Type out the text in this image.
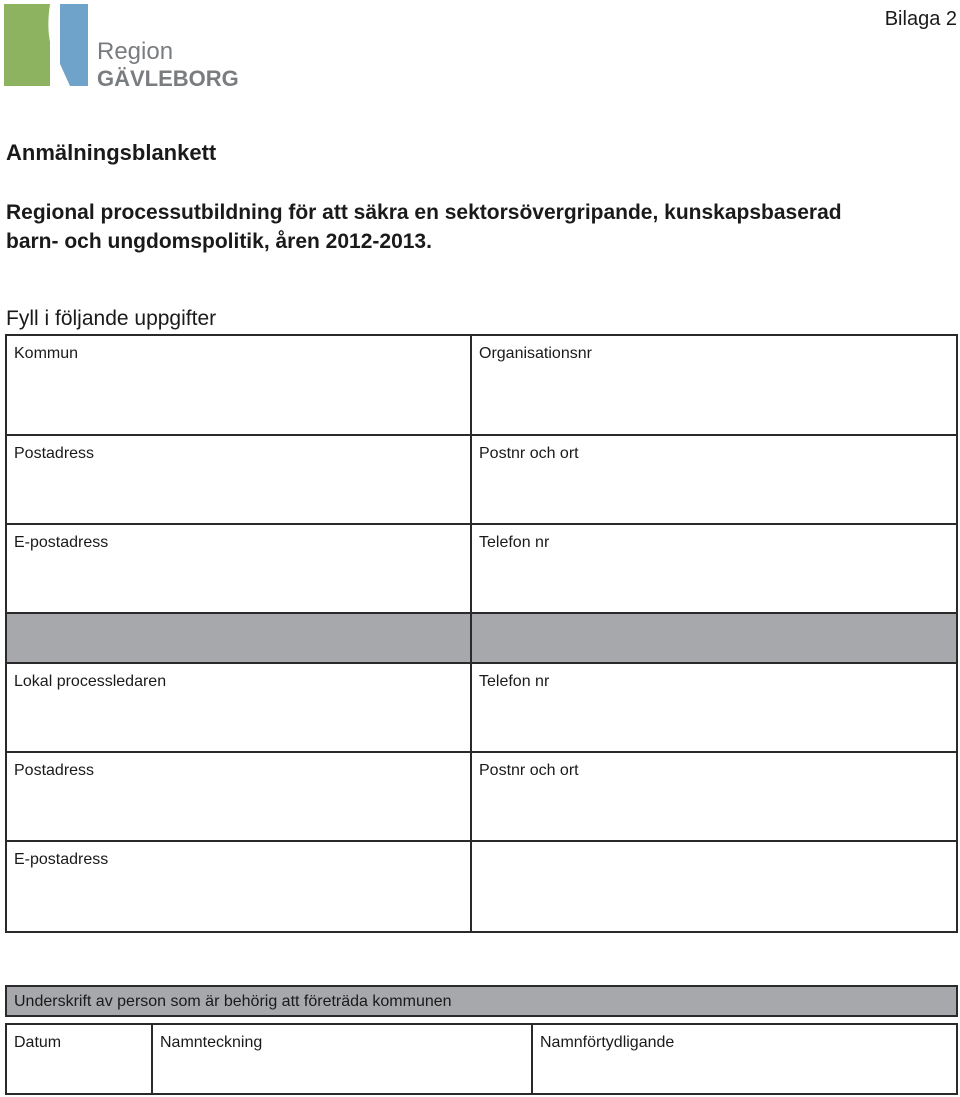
Region
GÄVLEBORG
Bilaga 2
Anmälningsblankett

Regional processutbildning för att säkra en sektorsövergripande, kunskapsbaserad
barn- och ungdomspolitik, åren 2012-2013.

Fyll i följande uppgifter

Kommun	Organisationsnr
Postadress	Postnr och ort
E-postadress	Telefon nr
Lokal processledaren	Telefon nr
Postadress	Postnr och ort
E-postadress
Underskrift av person som är behörig att företräda kommunen
Datum	Namnteckning	Namnförtydligande
